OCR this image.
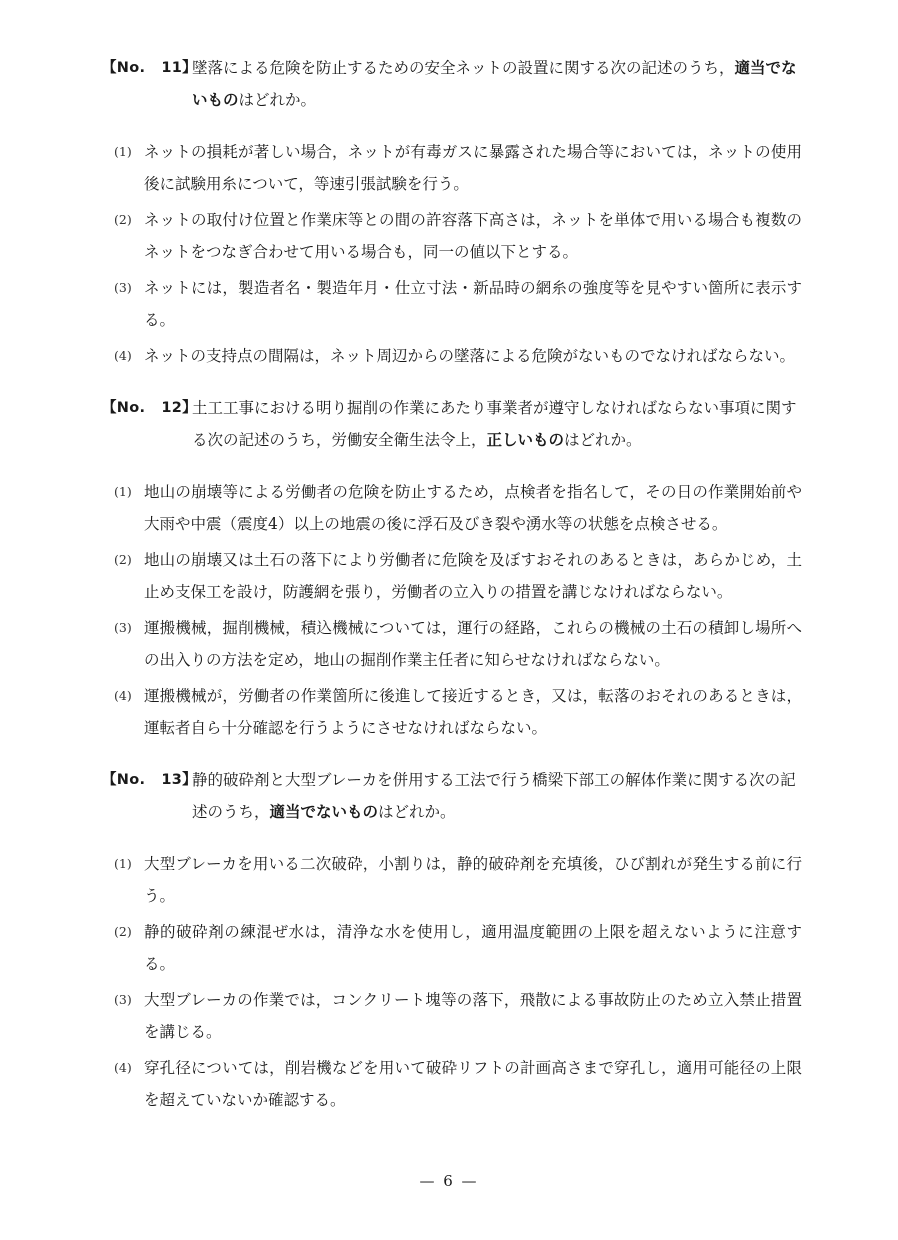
【No.   11】
墜落による危険を防止するための安全ネットの設置に関する次の記述のうち，適当でないものはどれか。
(1) ネットの損耗が著しい場合，ネットが有毒ガスに暴露された場合等においては，ネットの使用後に試験用糸について，等速引張試験を行う。
(2) ネットの取付け位置と作業床等との間の許容落下高さは，ネットを単体で用いる場合も複数のネットをつなぎ合わせて用いる場合も，同一の値以下とする。
(3) ネットには，製造者名・製造年月・仕立寸法・新品時の網糸の強度等を見やすい箇所に表示する。
(4) ネットの支持点の間隔は，ネット周辺からの墜落による危険がないものでなければならない。
【No.   12】
土工工事における明り掘削の作業にあたり事業者が遵守しなければならない事項に関する次の記述のうち，労働安全衛生法令上，正しいものはどれか。
(1) 地山の崩壊等による労働者の危険を防止するため，点検者を指名して，その日の作業開始前や大雨や中震（震度4）以上の地震の後に浮石及びき裂や湧水等の状態を点検させる。
(2) 地山の崩壊又は土石の落下により労働者に危険を及ぼすおそれのあるときは，あらかじめ，土止め支保工を設け，防護網を張り，労働者の立入りの措置を講じなければならない。
(3) 運搬機械，掘削機械，積込機械については，運行の経路，これらの機械の土石の積卸し場所への出入りの方法を定め，地山の掘削作業主任者に知らせなければならない。
(4) 運搬機械が，労働者の作業箇所に後進して接近するとき，又は，転落のおそれのあるときは，運転者自ら十分確認を行うようにさせなければならない。
【No.   13】
静的破砕剤と大型ブレーカを併用する工法で行う橋梁下部工の解体作業に関する次の記述のうち，適当でないものはどれか。
(1) 大型ブレーカを用いる二次破砕，小割りは，静的破砕剤を充填後，ひび割れが発生する前に行う。
(2) 静的破砕剤の練混ぜ水は，清浄な水を使用し，適用温度範囲の上限を超えないように注意する。
(3) 大型ブレーカの作業では，コンクリート塊等の落下，飛散による事故防止のため立入禁止措置を講じる。
(4) 穿孔径については，削岩機などを用いて破砕リフトの計画高さまで穿孔し，適用可能径の上限を超えていないか確認する。
— 6 —
